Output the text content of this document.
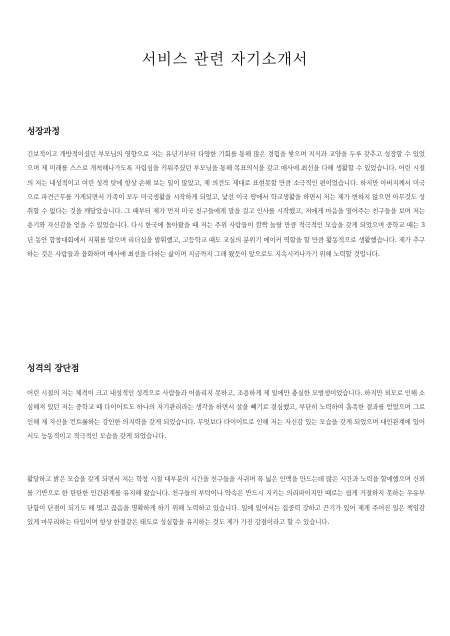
서비스 관련 자기소개서
성장과정
긴보적이고 개방적이셨던 부모님의 영향으로 저는 유년기부터 다양한 기회를 통해 많은 경험을 쌓으며 지식과 교양을 두루 갖추고 성장할 수 있었으며 제 미래를 스스로 개척해나가도록 자립심을 키워주셨던 부모님을 통해 목표의식을 갖고 매사에 최선을 다해 생활할 수 있었습니다. 어린 시절의 저는 내성적이고 여린 성격 탓에 항상 손해 보는 일이 많았고, 제 의견도 제대로 표현못할 만큼 소극적인 편이었습니다. 하지만 아버지께서 미국으로 파견근무를 가게되면서 가족이 모두 미국생활을 시작하게 되었고, 낯선 이국 땅에서 학교생활을 하면서 저는 제가 변하지 않으면 아무것도 성취할 수 없다는 것을 깨달았습니다. 그 때부터 제가 먼저 미국 친구들에게 말을 걸고 인사를 시작했고, 저에게 마음을 열어주는 친구들을 보며 저는 용기와 자신감을 얻을 수 있었습니다. 다시 한국에 돌아왔을 때 저는 주위 사람들이 깜짝 놀랄 만큼 적극적인 모습을 갖게 되었으며 중학교 때는 3년 동안 합창대회에서 지휘를 맡으며 리더십을 발휘했고, 고등학교 때도 교실의 분위기 메이커 역할을 할 만큼 활동적으로 생활했습니다. 제가 추구하는 것은 사람들과 융화하며 매사에 최선을 다하는 삶이며 지금까지 그래 왔듯이 앞으로도 지속시켜나가기 위해 노력할 것입니다.
성격의 장단점
어린 시절의 저는 체격이 크고 내성적인 성격으로 사람들과 어울리지 못하고, 조용하게 제 일에만 충실한 모범생이었습니다. 하지만 외모로 인해 소심해져 있던 저는 중학교 때 다이어트도 하나의 자기관리라는 생각을 하면서 살을 빼기로 결심했고, 부단히 노력하여 흡족한 결과를 얻었으며 그로 인해 제 자신을 컨트롤하는 강인한 의지력을 갖게 되었습니다. 무엇보다 다이어트로 인해 저는 자신감 있는 모습을 갖게 되었으며 대인관계에 있어서도 능동적이고 적극적인 모습을 갖게 되었습니다.
활달하고 밝은 모습을 갖게 되면서 저는 학창 시절 대부분의 시간을 친구들을 사귀며 폭 넓은 인맥을 만드는데 많은 시간과 노력을 할애했으며 신뢰를 기반으로 한 탄탄한 인간관계를 유지해 왔습니다. 친구들의 부탁이나 약속은 반드시 지키는 의리파이지만 때로는 쉽게 거절하지 못하는 우유부단함이 단점이 되기도 해 몇고 끊음을 명확하게 하기 위해 노력하고 있습니다. 일에 있어서는 집중력 강하고 끈기가 있어 제게 주어진 일은 책임감 있게 마무리하는 타입이며 항상 한결같은 태도로 성실함을 유지하는 것도 제가 가진 강점이라고 할 수 있습니다.
